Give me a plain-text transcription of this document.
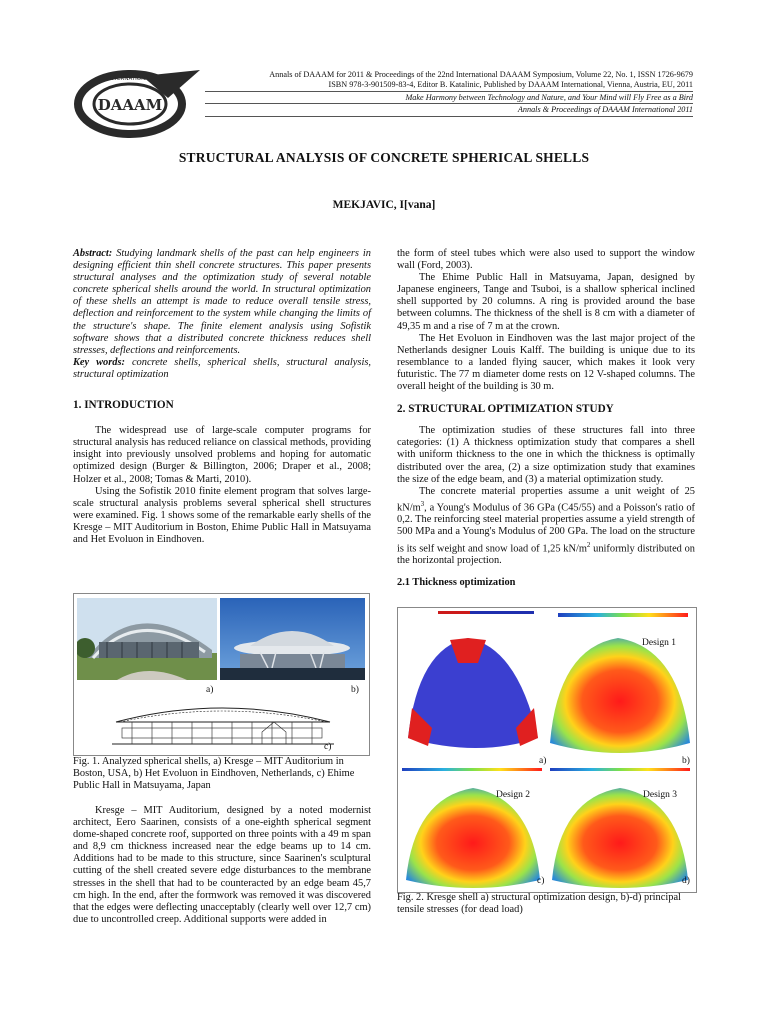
DAAAM
INTERNATIONAL	Annals of DAAAM for 2011 & Proceedings of the 22nd International DAAAM Symposium, Volume 22, No. 1, ISSN 1726-9679
ISBN 978-3-901509-83-4, Editor B. Katalinic, Published by DAAAM International, Vienna, Austria, EU, 2011
Make Harmony between Technology and Nature, and Your Mind will Fly Free as a Bird
Annals & Proceedings of DAAAM International 2011
STRUCTURAL ANALYSIS OF CONCRETE SPHERICAL SHELLS
MEKJAVIC, I[vana]

Abstract: Studying landmark shells of the past can help engineers in designing efficient thin shell concrete structures. This paper presents structural analyses and the optimization study of several notable concrete spherical shells around the world. In structural optimization of these shells an attempt is made to reduce overall tensile stress, deflection and reinforcement to the system while changing the limits of the structure's shape. The finite element analysis using Sofistik software shows that a distributed concrete thickness reduces shell stresses, deflections and reinforcements.

Key words: concrete shells, spherical shells, structural analysis, structural optimization

1. INTRODUCTION

The widespread use of large-scale computer programs for structural analysis has reduced reliance on classical methods, providing insight into previously unsolved problems and hoping for automatic optimized design (Burger & Billington, 2006; Draper et al., 2008; Holzer et al., 2008; Tomas & Marti, 2010).

Using the Sofistik 2010 finite element program that solves large-scale structural analysis problems several spherical shell structures were examined. Fig. 1 shows some of the remarkable early shells of the Kresge – MIT Auditorium in Boston, Ehime Public Hall in Matsuyama and Het Evoluon in Eindhoven.

a)	b)
c)
Fig. 1. Analyzed spherical shells, a) Kresge – MIT Auditorium in Boston, USA, b) Het Evoluon in Eindhoven, Netherlands, c) Ehime Public Hall in Matsuyama, Japan

Kresge – MIT Auditorium, designed by a noted modernist architect, Eero Saarinen, consists of a one-eighth spherical segment dome-shaped concrete roof, supported on three points with a 49 m span and 8,9 cm thickness increased near the edge beams up to 14 cm. Additions had to be made to this structure, since Saarinen's sculptural cutting of the shell created severe edge disturbances to the membrane stresses in the shell that had to be counteracted by an edge beam 45,7 cm high. In the end, after the formwork was removed it was discovered that the edges were deflecting unacceptably (clearly well over 12,7 cm) due to uncontrolled creep. Additional supports were added in

the form of steel tubes which were also used to support the window wall (Ford, 2003).

The Ehime Public Hall in Matsuyama, Japan, designed by Japanese engineers, Tange and Tsuboi, is a shallow spherical inclined shell supported by 20 columns. A ring is provided around the base between columns. The thickness of the shell is 8 cm with a diameter of 49,35 m and a rise of 7 m at the crown.

The Het Evoluon in Eindhoven was the last major project of the Netherlands designer Louis Kalff. The building is unique due to its resemblance to a landed flying saucer, which makes it look very futuristic. The 77 m diameter dome rests on 12 V-shaped columns. The overall height of the building is 30 m.

2. STRUCTURAL OPTIMIZATION STUDY

The optimization studies of these structures fall into three categories: (1) A thickness optimization study that compares a shell with uniform thickness to the one in which the thickness is optimally distributed over the area, (2) a size optimization study that examines the size of the edge beam, and (3) a material optimization study.

The concrete material properties assume a unit weight of 25 $kN/m^3$, a Young's Modulus of 36 GPa (C45/55) and a Poisson's ratio of 0,2. The reinforcing steel material properties assume a yield strength of 500 MPa and a Young's Modulus of 200 GPa. The load on the structure is its self weight and snow load of 1,25 $kN/m^2$ uniformly distributed on the horizontal projection.

2.1 Thickness optimization

Design 1
Design 2	Design 3
a)	b)
c)	d)
Fig. 2. Kresge shell a) structural optimization design, b)-d) principal tensile stresses (for dead load)
